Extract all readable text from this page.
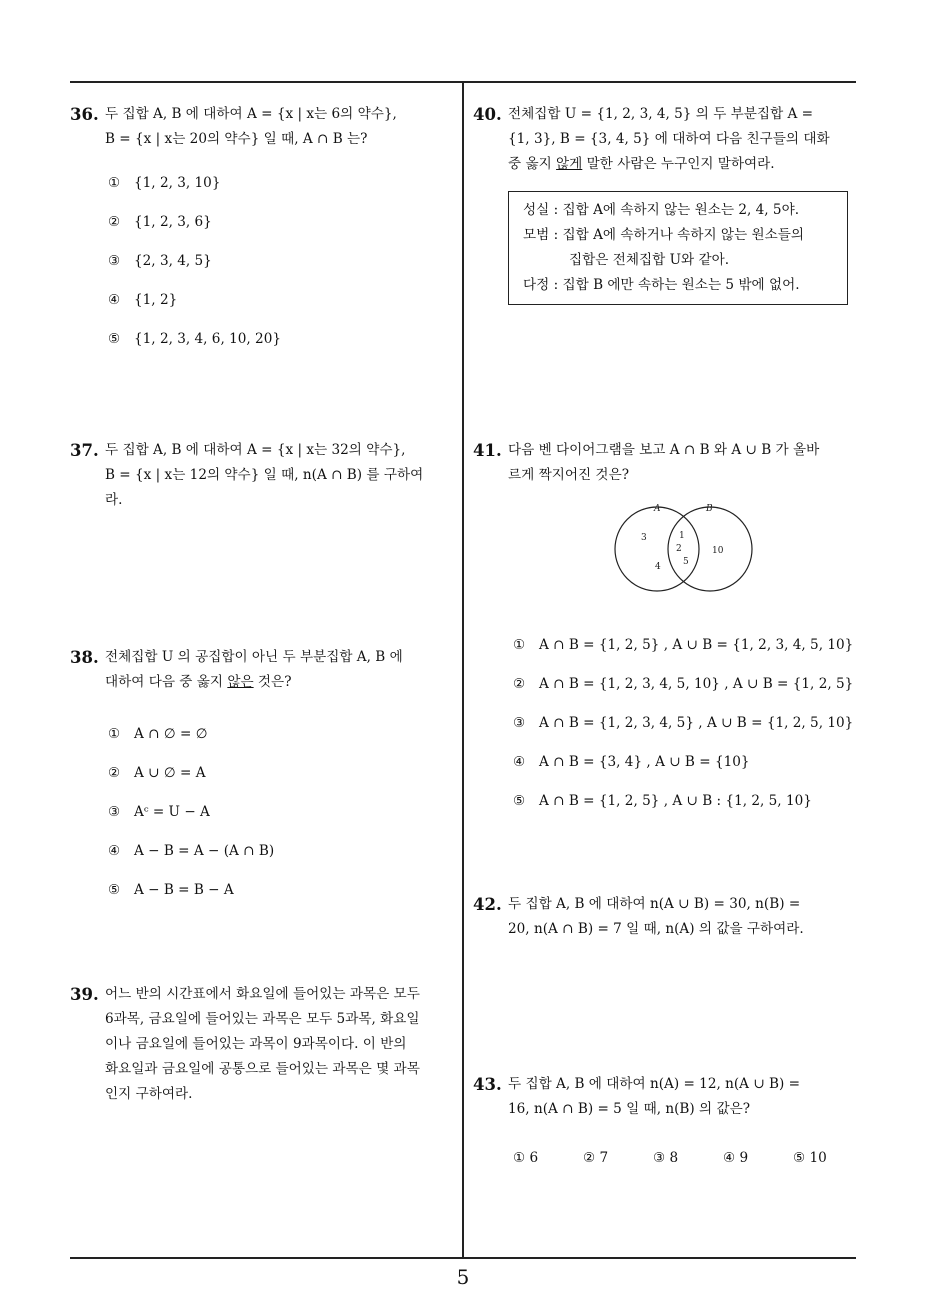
36. 두 집합 A, B 에 대하여 A = {x | x는 6의 약수},
B = {x | x는 20의 약수} 일 때, A ∩ B 는?
① {1, 2, 3, 10}
② {1, 2, 3, 6}
③ {2, 3, 4, 5}
④ {1, 2}
⑤ {1, 2, 3, 4, 6, 10, 20}
37. 두 집합 A, B 에 대하여 A = {x | x는 32의 약수},
B = {x | x는 12의 약수} 일 때, n(A ∩ B) 를 구하여
라.
38. 전체집합 U 의 공집합이 아닌 두 부분집합 A, B 에
대하여 다음 중 옳지 않은 것은?
① A ∩ ∅ = ∅
② A ∪ ∅ = A
③ Aᶜ = U − A
④ A − B = A − (A ∩ B)
⑤ A − B = B − A
39. 어느 반의 시간표에서 화요일에 들어있는 과목은 모두
6과목, 금요일에 들어있는 과목은 모두 5과목, 화요일
이나 금요일에 들어있는 과목이 9과목이다. 이 반의
화요일과 금요일에 공통으로 들어있는 과목은 몇 과목
인지 구하여라.
40. 전체집합 U = {1, 2, 3, 4, 5} 의 두 부분집합 A =
{1, 3}, B = {3, 4, 5} 에 대하여 다음 친구들의 대화
중 옳지 않게 말한 사람은 누구인지 말하여라.
성실 : 집합 A에 속하지 않는 원소는 2, 4, 5야.
모범 : 집합 A에 속하거나 속하지 않는 원소들의
집합은 전체집합 U와 같아.
다정 : 집합 B 에만 속하는 원소는 5 밖에 없어.
41. 다음 벤 다이어그램을 보고 A ∩ B 와 A ∪ B 가 올바
르게 짝지어진 것은?
A	B
3
4
1
2
5
10
① A ∩ B = {1, 2, 5} , A ∪ B = {1, 2, 3, 4, 5, 10}
② A ∩ B = {1, 2, 3, 4, 5, 10} , A ∪ B = {1, 2, 5}
③ A ∩ B = {1, 2, 3, 4, 5} , A ∪ B = {1, 2, 5, 10}
④ A ∩ B = {3, 4} , A ∪ B = {10}
⑤ A ∩ B = {1, 2, 5} , A ∪ B : {1, 2, 5, 10}
42. 두 집합 A, B 에 대하여 n(A ∪ B) = 30, n(B) =
20, n(A ∩ B) = 7 일 때, n(A) 의 값을 구하여라.
43. 두 집합 A, B 에 대하여 n(A) = 12, n(A ∪ B) =
16, n(A ∩ B) = 5 일 때, n(B) 의 값은?
① 6	② 7	③ 8	④ 9	⑤ 10
5
